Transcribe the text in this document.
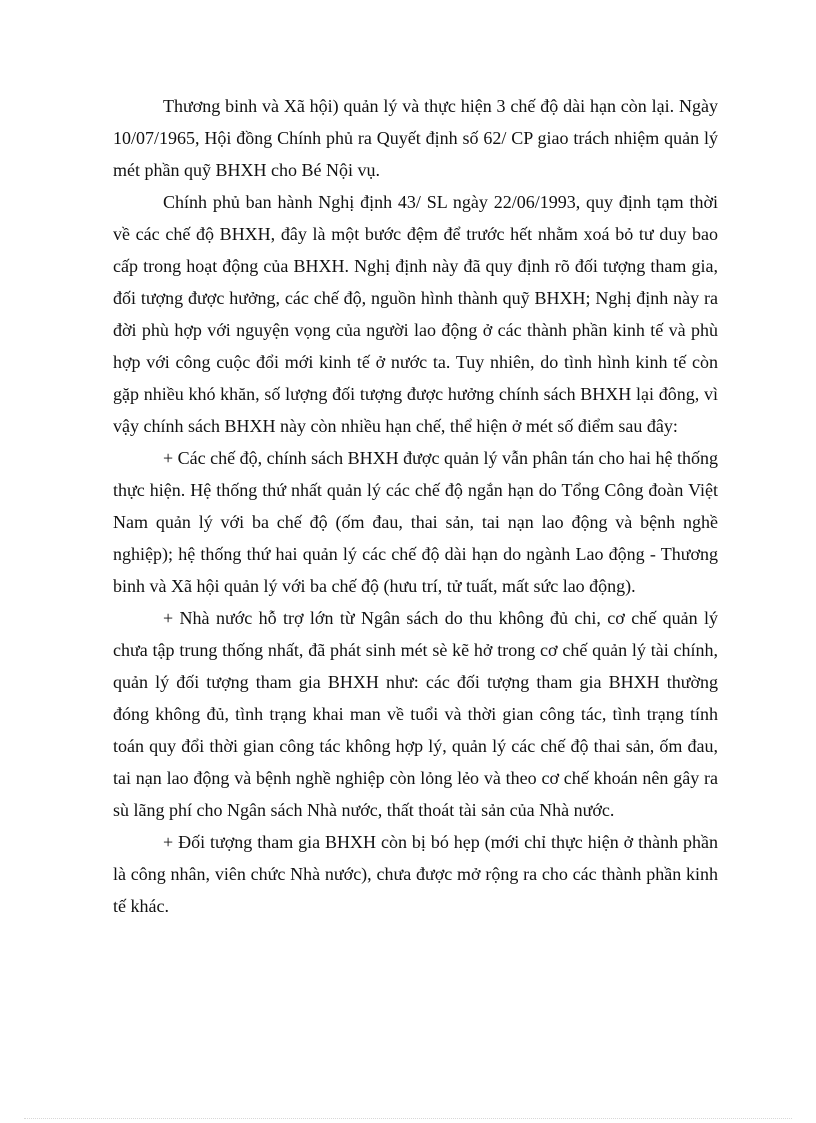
Thương binh và Xã hội) quản lý và thực hiện 3 chế độ dài hạn còn lại. Ngày 10/07/1965, Hội đồng Chính phủ ra Quyết định số 62/ CP giao trách nhiệm quản lý mét phần quỹ BHXH cho Bé Nội vụ.

Chính phủ ban hành Nghị định 43/ SL ngày 22/06/1993, quy định tạm thời về các chế độ BHXH, đây là một bước đệm để trước hết nhằm xoá bỏ tư duy bao cấp trong hoạt động của BHXH. Nghị định này đã quy định rõ đối tượng tham gia, đối tượng được hưởng, các chế độ, nguồn hình thành quỹ BHXH; Nghị định này ra đời phù hợp với nguyện vọng của người lao động ở các thành phần kinh tế và phù hợp với công cuộc đổi mới kinh tế ở nước ta. Tuy nhiên, do tình hình kinh tế còn gặp nhiều khó khăn, số lượng đối tượng được hưởng chính sách BHXH lại đông, vì vậy chính sách BHXH này còn nhiều hạn chế, thể hiện ở mét số điểm sau đây:

+ Các chế độ, chính sách BHXH được quản lý vẫn phân tán cho hai hệ thống thực hiện. Hệ thống thứ nhất quản lý các chế độ ngắn hạn do Tổng Công đoàn Việt Nam quản lý với ba chế độ (ốm đau, thai sản, tai nạn lao động và bệnh nghề nghiệp); hệ thống thứ hai quản lý các chế độ dài hạn do ngành Lao động - Thương binh và Xã hội quản lý với ba chế độ (hưu trí, tử tuất, mất sức lao động).

+ Nhà nước hỗ trợ lớn từ Ngân sách do thu không đủ chi, cơ chế quản lý chưa tập trung thống nhất, đã phát sinh mét sè kẽ hở trong cơ chế quản lý tài chính, quản lý đối tượng tham gia BHXH như: các đối tượng tham gia BHXH thường đóng không đủ, tình trạng khai man về tuổi và thời gian công tác, tình trạng tính toán quy đổi thời gian công tác không hợp lý, quản lý các chế độ thai sản, ốm đau, tai nạn lao động và bệnh nghề nghiệp còn lỏng lẻo và theo cơ chế khoán nên gây ra sù lãng phí cho Ngân sách Nhà nước, thất thoát tài sản của Nhà nước.

+ Đối tượng tham gia BHXH còn bị bó hẹp (mới chỉ thực hiện ở thành phần là công nhân, viên chức Nhà nước), chưa được mở rộng ra cho các thành phần kinh tế khác.
